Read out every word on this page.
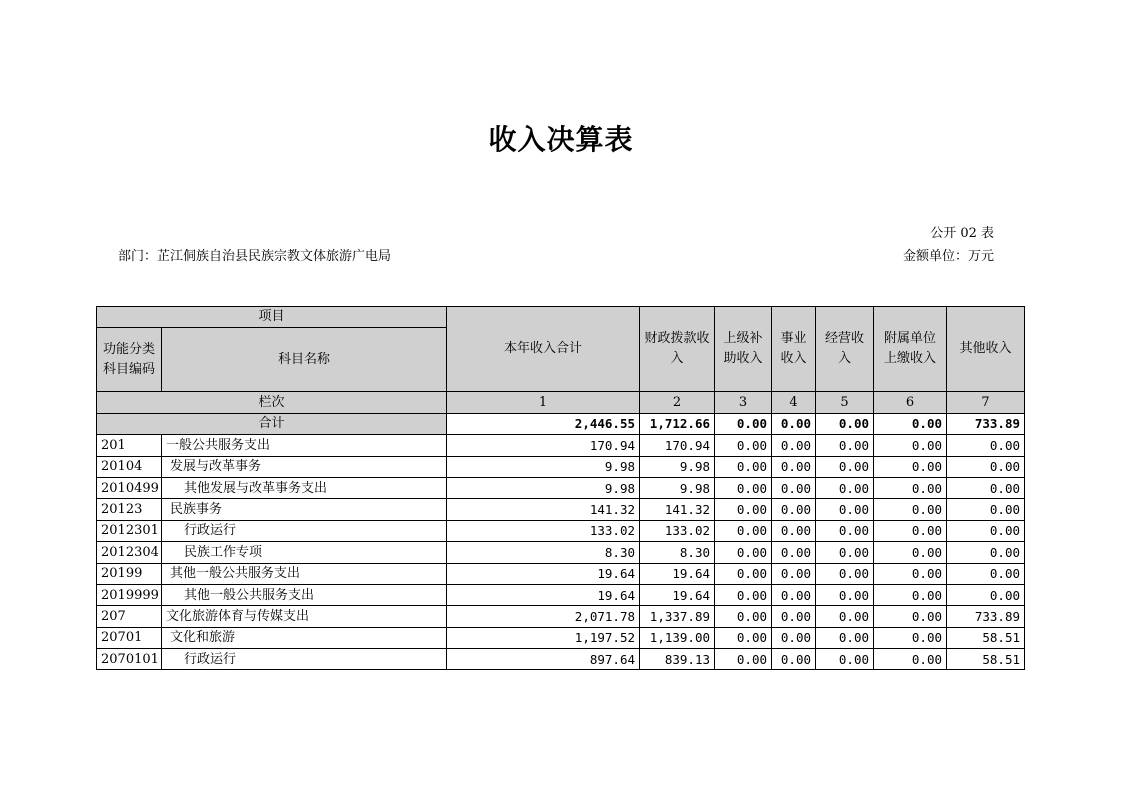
收入决算表
公开 02 表
部门：芷江侗族自治县民族宗教文体旅游广电局	金额单位：万元
项目		本年收入合计	财政拨款收入	上级补助收入	事业收入	经营收入	附属单位上缴收入	其他收入
功能分类科目编码	科目名称							
栏次		1	2	3	4	5	6	7
合计		2,446.55	1,712.66	0.00	0.00	0.00	0.00	733.89
201	一般公共服务支出	170.94	170.94	0.00	0.00	0.00	0.00	0.00
20104	发展与改革事务	9.98	9.98	0.00	0.00	0.00	0.00	0.00
2010499	其他发展与改革事务支出	9.98	9.98	0.00	0.00	0.00	0.00	0.00
20123	民族事务	141.32	141.32	0.00	0.00	0.00	0.00	0.00
2012301	行政运行	133.02	133.02	0.00	0.00	0.00	0.00	0.00
2012304	民族工作专项	8.30	8.30	0.00	0.00	0.00	0.00	0.00
20199	其他一般公共服务支出	19.64	19.64	0.00	0.00	0.00	0.00	0.00
2019999	其他一般公共服务支出	19.64	19.64	0.00	0.00	0.00	0.00	0.00
207	文化旅游体育与传媒支出	2,071.78	1,337.89	0.00	0.00	0.00	0.00	733.89
20701	文化和旅游	1,197.52	1,139.00	0.00	0.00	0.00	0.00	58.51
2070101	行政运行	897.64	839.13	0.00	0.00	0.00	0.00	58.51
